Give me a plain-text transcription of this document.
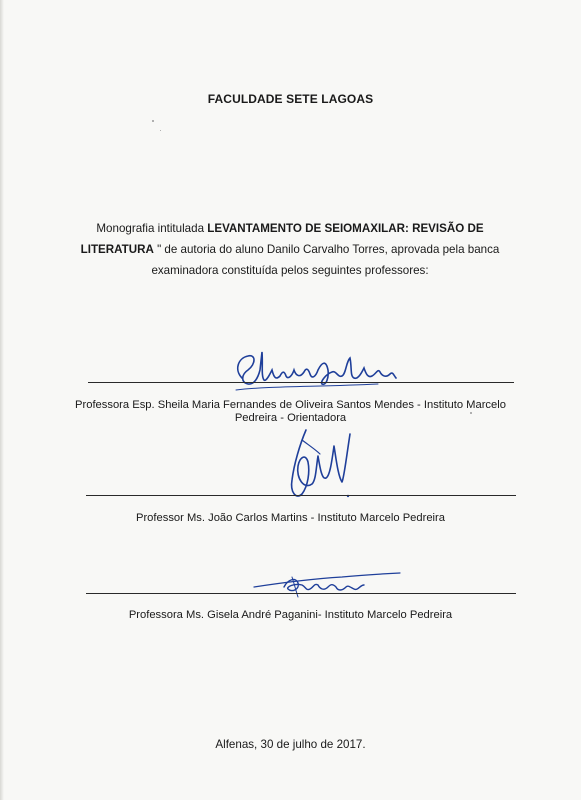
FACULDADE SETE LAGOAS
Monografia intitulada LEVANTAMENTO DE SEIOMAXILAR: REVISÃO DE
LITERATURA " de autoria do aluno Danilo Carvalho Torres, aprovada pela banca
examinadora constituída pelos seguintes professores:
Professora Esp. Sheila Maria Fernandes de Oliveira Santos Mendes - Instituto Marcelo
Pedreira - Orientadora
Professor Ms. João Carlos Martins - Instituto Marcelo Pedreira
Professora Ms. Gisela André Paganini- Instituto Marcelo Pedreira
Alfenas, 30 de julho de 2017.
